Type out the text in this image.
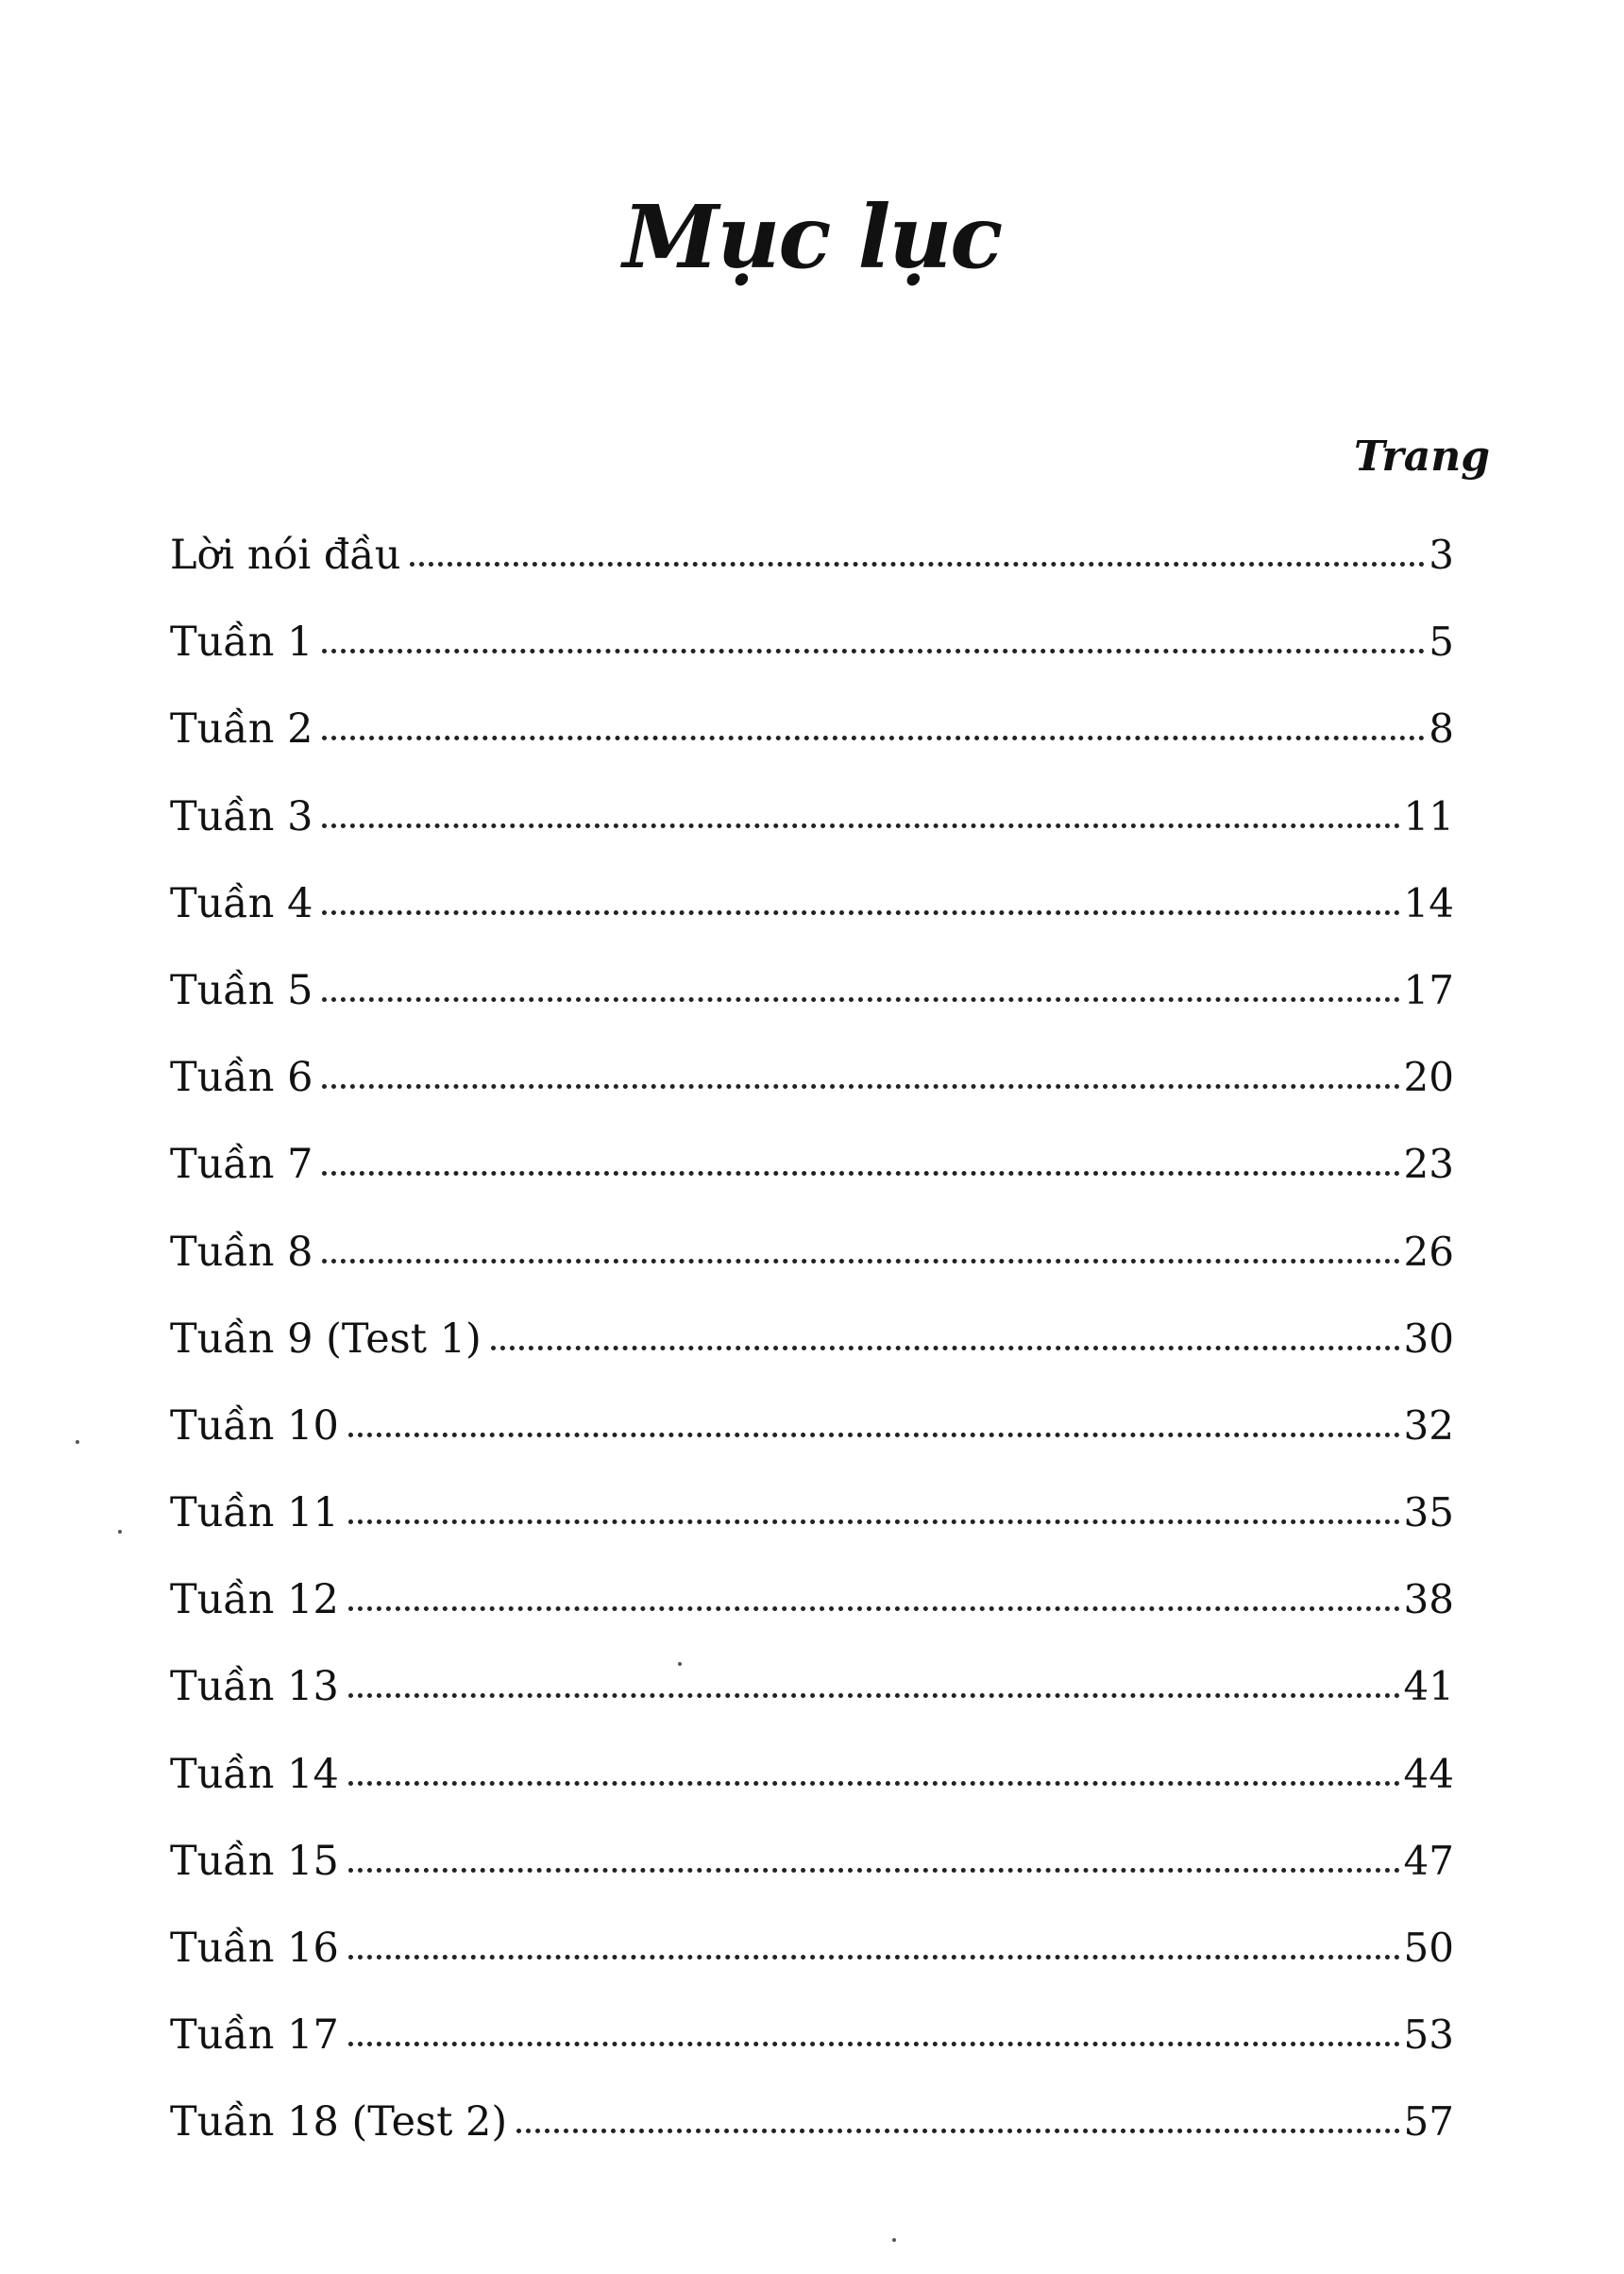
Mục lục
Trang
Lời nói đầu	3
Tuần 1	5
Tuần 2	8
Tuần 3	11
Tuần 4	14
Tuần 5	17
Tuần 6	20
Tuần 7	23
Tuần 8	26
Tuần 9 (Test 1)	30
Tuần 10	32
Tuần 11	35
Tuần 12	38
Tuần 13	41
Tuần 14	44
Tuần 15	47
Tuần 16	50
Tuần 17	53
Tuần 18 (Test 2)	57
